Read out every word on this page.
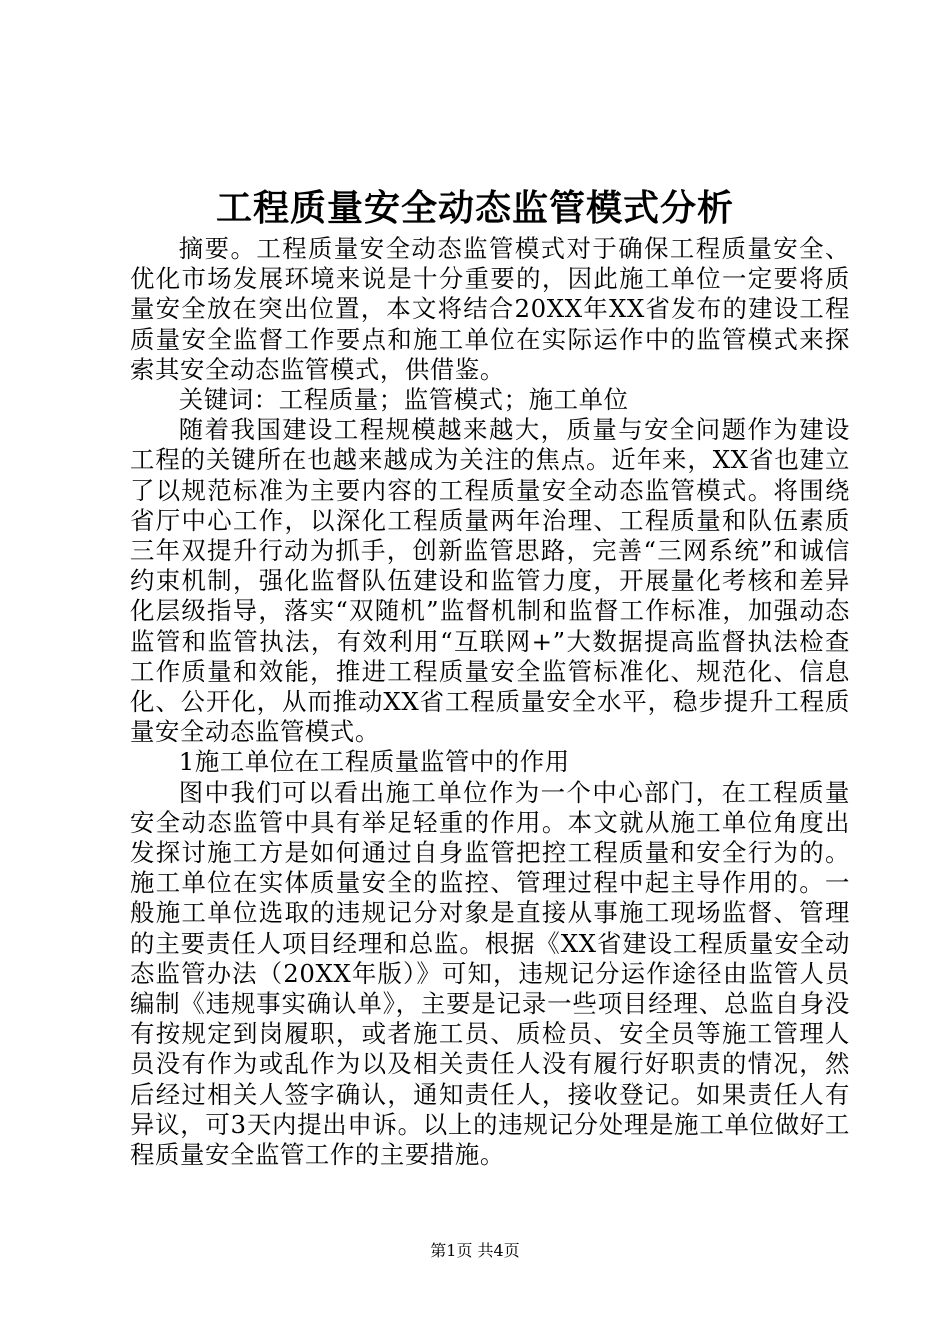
工程质量安全动态监管模式分析

摘要。工程质量安全动态监管模式对于确保工程质量安全、优化市场发展环境来说是十分重要的，因此施工单位一定要将质量安全放在突出位置，本文将结合20XX年XX省发布的建设工程质量安全监督工作要点和施工单位在实际运作中的监管模式来探索其安全动态监管模式，供借鉴。

关键词：工程质量；监管模式；施工单位

随着我国建设工程规模越来越大，质量与安全问题作为建设工程的关键所在也越来越成为关注的焦点。近年来，XX省也建立了以规范标准为主要内容的工程质量安全动态监管模式。将围绕省厅中心工作，以深化工程质量两年治理、工程质量和队伍素质三年双提升行动为抓手，创新监管思路，完善“三网系统”和诚信约束机制，强化监督队伍建设和监管力度，开展量化考核和差异化层级指导，落实“双随机”监督机制和监督工作标准，加强动态监管和监管执法，有效利用“互联网+”大数据提高监督执法检查工作质量和效能，推进工程质量安全监管标准化、规范化、信息化、公开化，从而推动XX省工程质量安全水平，稳步提升工程质量安全动态监管模式。

1施工单位在工程质量监管中的作用

图中我们可以看出施工单位作为一个中心部门，在工程质量安全动态监管中具有举足轻重的作用。本文就从施工单位角度出发探讨施工方是如何通过自身监管把控工程质量和安全行为的。施工单位在实体质量安全的监控、管理过程中起主导作用的。一般施工单位选取的违规记分对象是直接从事施工现场监督、管理的主要责任人项目经理和总监。根据《XX省建设工程质量安全动态监管办法（20XX年版）》可知，违规记分运作途径由监管人员编制《违规事实确认单》，主要是记录一些项目经理、总监自身没有按规定到岗履职，或者施工员、质检员、安全员等施工管理人员没有作为或乱作为以及相关责任人没有履行好职责的情况，然后经过相关人签字确认，通知责任人，接收登记。如果责任人有异议，可3天内提出申诉。以上的违规记分处理是施工单位做好工程质量安全监管工作的主要措施。

第1页 共4页
